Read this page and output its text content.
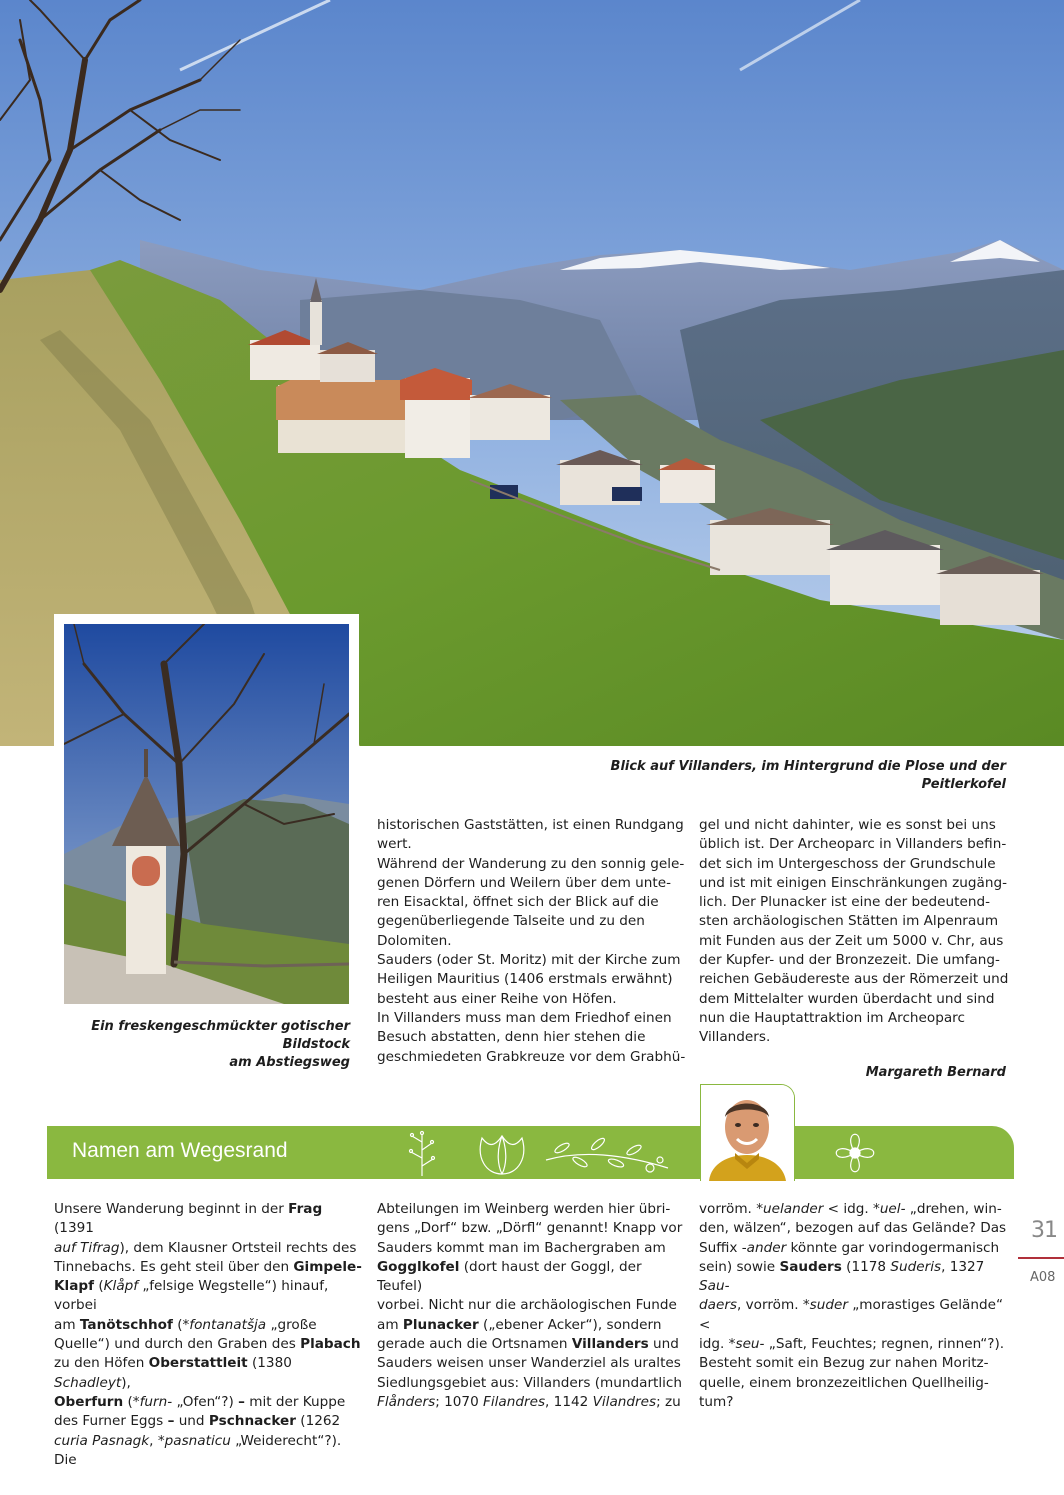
Blick auf Villanders, im Hintergrund die Plose und der Peitlerkofel
Ein freskengeschmückter gotischer Bildstock
am Abstiegsweg
historischen Gaststätten, ist einen Rundgang
wert.
Während der Wanderung zu den sonnig gele-
genen Dörfern und Weilern über dem unte-
ren Eisacktal, öffnet sich der Blick auf die
gegenüberliegende Talseite und zu den
Dolomiten.
Sauders (oder St. Moritz) mit der Kirche zum
Heiligen Mauritius (1406 erstmals erwähnt)
besteht aus einer Reihe von Höfen.
In Villanders muss man dem Friedhof einen
Besuch abstatten, denn hier stehen die
geschmiedeten Grabkreuze vor dem Grabhü-
gel und nicht dahinter, wie es sonst bei uns
üblich ist. Der Archeoparc in Villanders befin-
det sich im Untergeschoss der Grundschule
und ist mit einigen Einschränkungen zugäng-
lich. Der Plunacker ist eine der bedeutend-
sten archäologischen Stätten im Alpenraum
mit Funden aus der Zeit um 5000 v. Chr, aus
der Kupfer- und der Bronzezeit. Die umfang-
reichen Gebäudereste aus der Römerzeit und
dem Mittelalter wurden überdacht und sind
nun die Hauptattraktion im Archeoparc
Villanders.
Margareth Bernard
Namen am Wegesrand
Unsere Wanderung beginnt in der Frag (1391
auf Tifrag), dem Klausner Ortsteil rechts des
Tinnebachs. Es geht steil über den Gimpele-
Klapf (Klåpf „felsige Wegstelle“) hinauf, vorbei
am Tanötschhof (*fontanatšja „große
Quelle“) und durch den Graben des Plabach
zu den Höfen Oberstattleit (1380 Schadleyt),
Oberfurn (*furn- „Ofen“?) – mit der Kuppe
des Furner Eggs – und Pschnacker (1262
curia Pasnagk, *pasnaticu „Weiderecht“?). Die
Abteilungen im Weinberg werden hier übri-
gens „Dorf“ bzw. „Dörfl“ genannt! Knapp vor
Sauders kommt man im Bachergraben am
Gogglkofel (dort haust der Goggl, der Teufel)
vorbei. Nicht nur die archäologischen Funde
am Plunacker („ebener Acker“), sondern
gerade auch die Ortsnamen Villanders und
Sauders weisen unser Wanderziel als uraltes
Siedlungsgebiet aus: Villanders (mundartlich
Flånders; 1070 Filandres, 1142 Vilandres; zu
vorröm. *uelander < idg. *uel- „drehen, win-
den, wälzen“, bezogen auf das Gelände? Das
Suffix -ander könnte gar vorindogermanisch
sein) sowie Sauders (1178 Suderis, 1327 Sau-
daers, vorröm. *suder „morastiges Gelände“ <
idg. *seu- „Saft, Feuchtes; regnen, rinnen“?).
Besteht somit ein Bezug zur nahen Moritz-
quelle, einem bronzezeitlichen Quellheilig-
tum?
31
A08
